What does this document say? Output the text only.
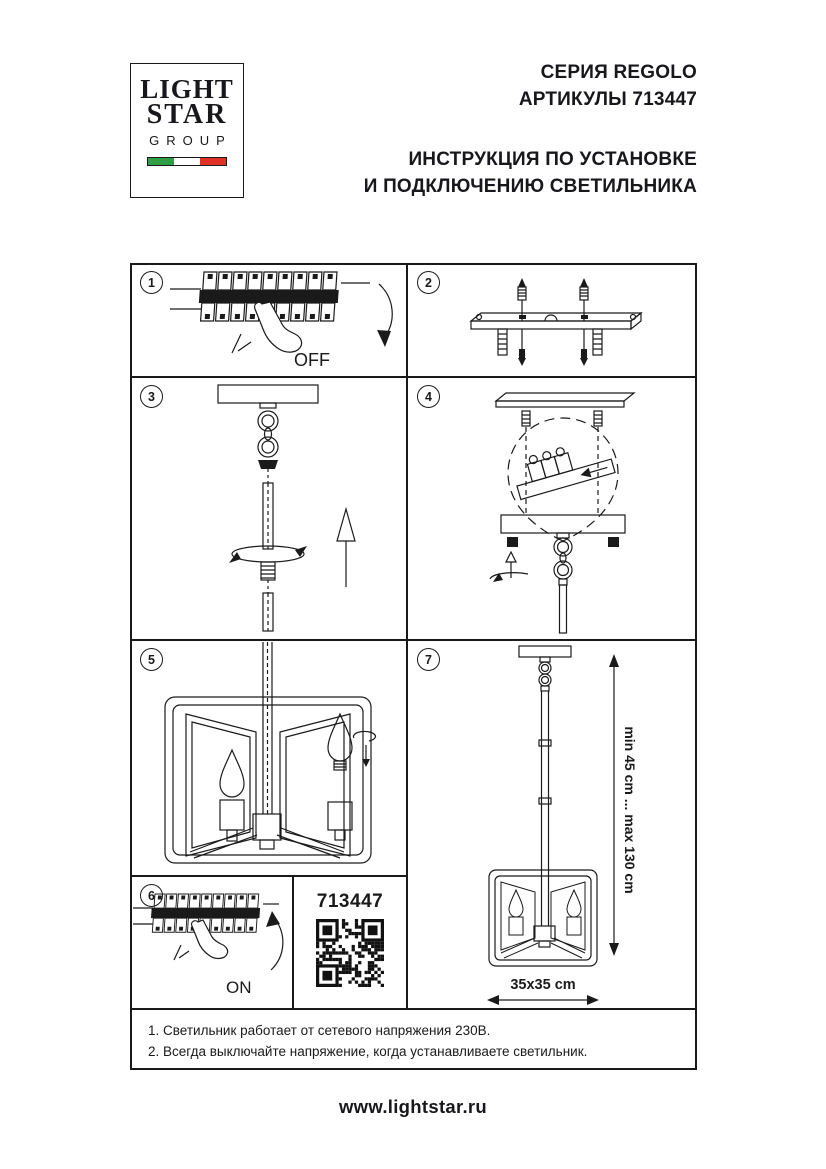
LIGHT
STAR
GROUP
СЕРИЯ REGOLO
АРТИКУЛЫ 713447
ИНСТРУКЦИЯ ПО УСТАНОВКЕ
И ПОДКЛЮЧЕНИЮ СВЕТИЛЬНИКА
1
OFF
2
3	4
5	7
min 45 cm ... max 130 cm
35x35 cm
6
ON
713447
1. Светильник работает от сетевого напряжения 230В.
2. Всегда выключайте напряжение, когда устанавливаете светильник.
www.lightstar.ru
